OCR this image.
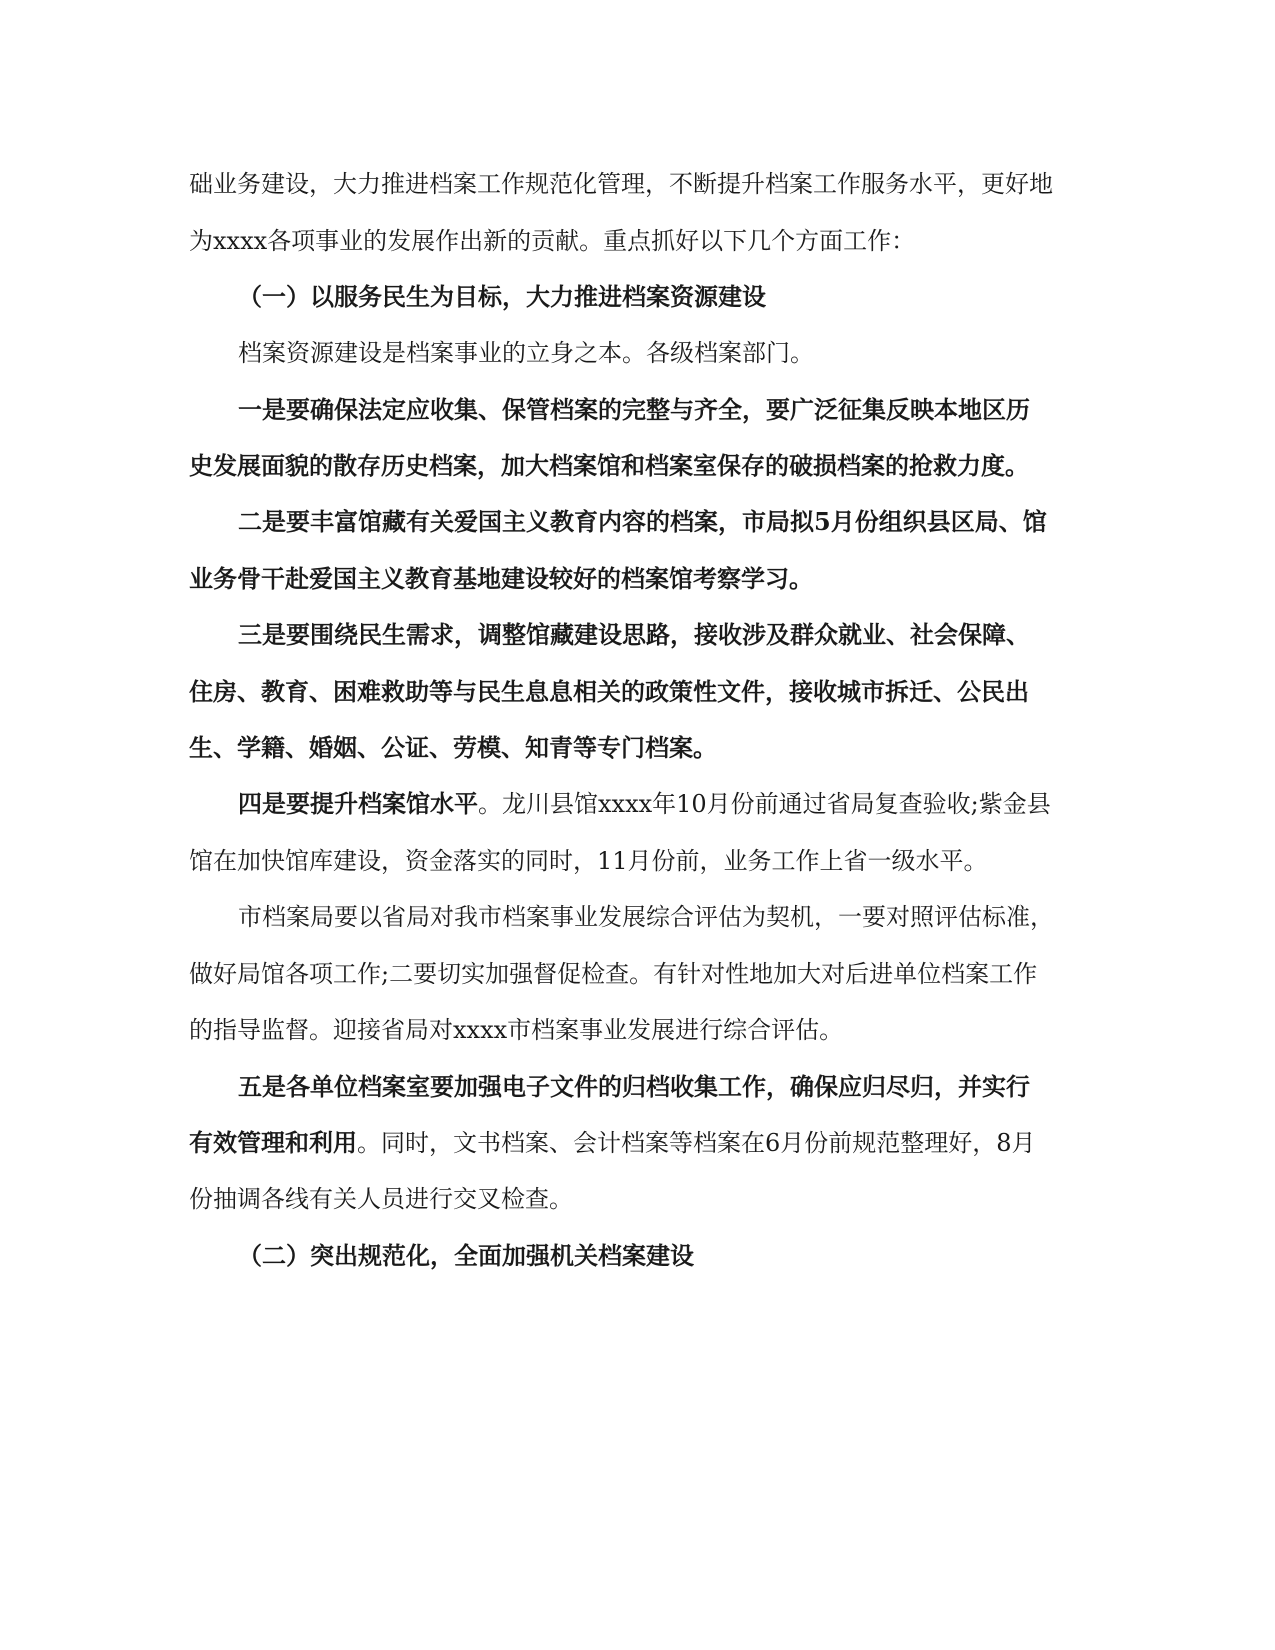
础业务建设，大力推进档案工作规范化管理，不断提升档案工作服务水平，更好地
为xxxx各项事业的发展作出新的贡献。重点抓好以下几个方面工作：
（一）以服务民生为目标，大力推进档案资源建设
档案资源建设是档案事业的立身之本。各级档案部门。
一是要确保法定应收集、保管档案的完整与齐全，要广泛征集反映本地区历
史发展面貌的散存历史档案，加大档案馆和档案室保存的破损档案的抢救力度。
二是要丰富馆藏有关爱国主义教育内容的档案，市局拟5月份组织县区局、馆
业务骨干赴爱国主义教育基地建设较好的档案馆考察学习。
三是要围绕民生需求，调整馆藏建设思路，接收涉及群众就业、社会保障、
住房、教育、困难救助等与民生息息相关的政策性文件，接收城市拆迁、公民出
生、学籍、婚姻、公证、劳模、知青等专门档案。
四是要提升档案馆水平。龙川县馆xxxx年10月份前通过省局复查验收;紫金县
馆在加快馆库建设，资金落实的同时，11月份前，业务工作上省一级水平。
市档案局要以省局对我市档案事业发展综合评估为契机，一要对照评估标准，
做好局馆各项工作;二要切实加强督促检查。有针对性地加大对后进单位档案工作
的指导监督。迎接省局对xxxx市档案事业发展进行综合评估。
五是各单位档案室要加强电子文件的归档收集工作，确保应归尽归，并实行
有效管理和利用。同时，文书档案、会计档案等档案在6月份前规范整理好，8月
份抽调各线有关人员进行交叉检查。
（二）突出规范化，全面加强机关档案建设
